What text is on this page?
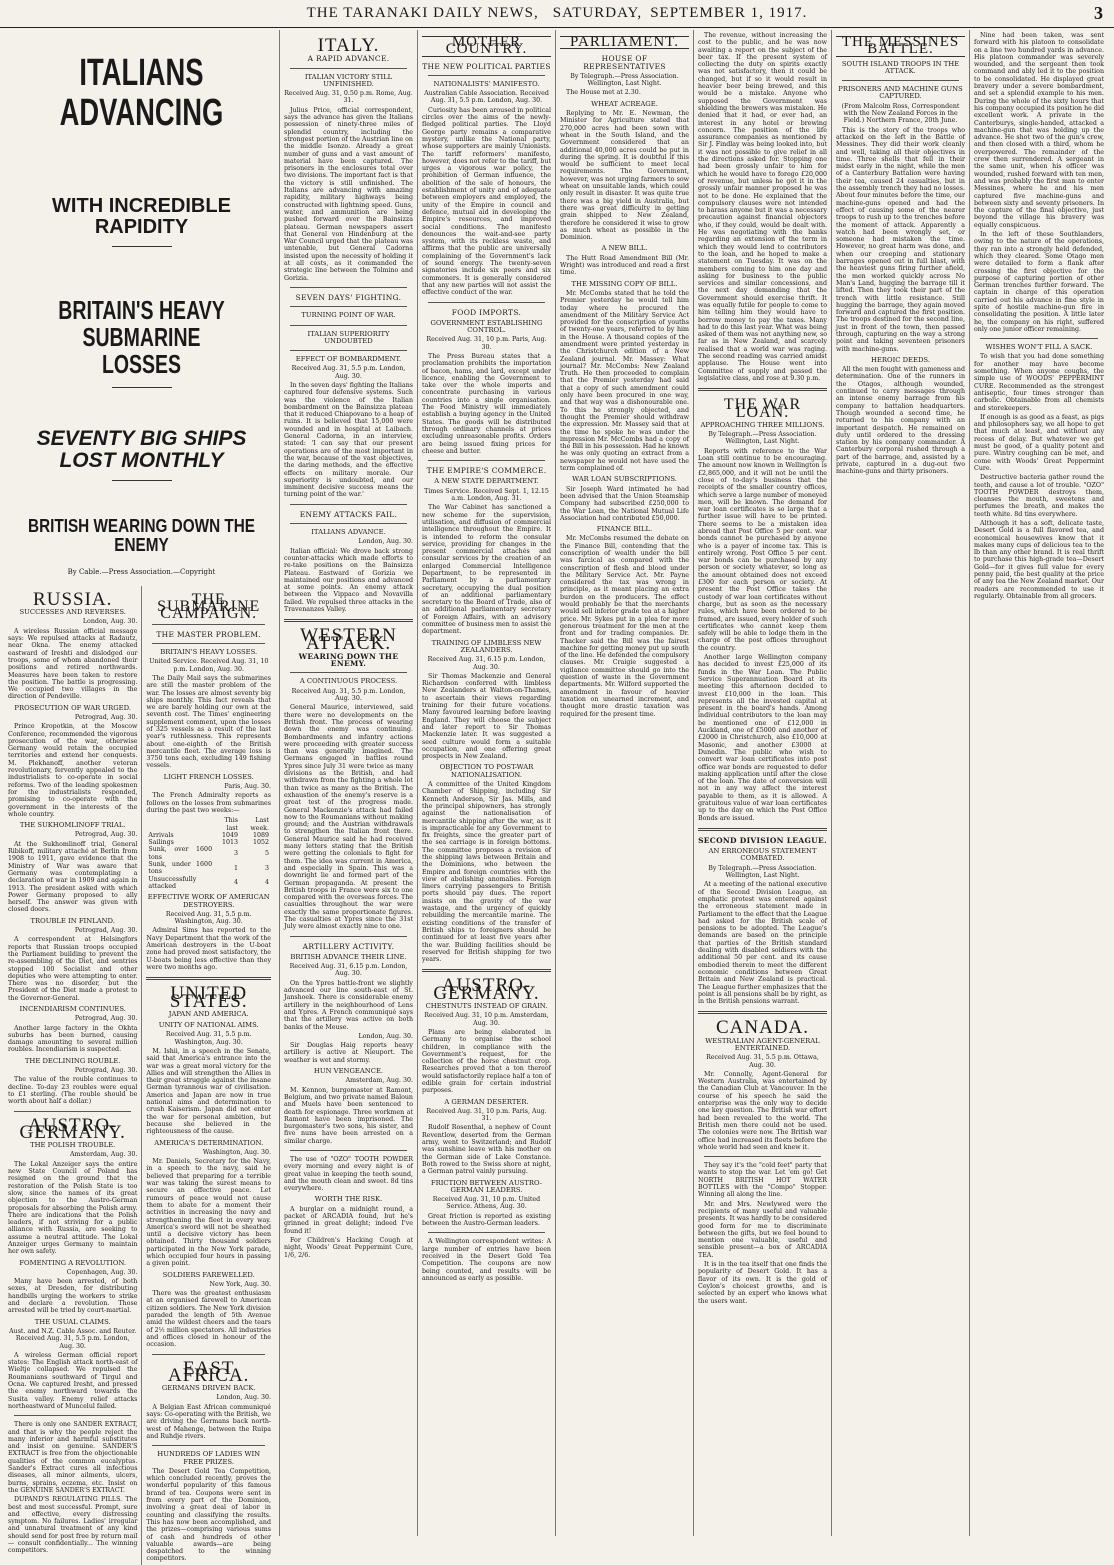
THE TARANAKI DAILY NEWS, SATURDAY, SEPTEMBER 1, 1917.	3
ITALIANS ADVANCING
WITH INCREDIBLE RAPIDITY
BRITAIN'S HEAVY SUBMARINE LOSSES
SEVENTY BIG SHIPS LOST MONTHLY
BRITISH WEARING DOWN THE ENEMY
By Cable.—Press Association.—Copyright
RUSSIA.
SUCCESSES AND REVERSES.
London, Aug. 30.

A wireless Russian official message says: We repulsed attacks at Radautz, near Okna. The enemy attacked eastward of Ireshti and dislodged our troops, some of whom abandoned their positions and retired northwards. Measures have been taken to restore the position. The battle is progressing. We occupied two villages in the direction of Pendeville.

PROSECUTION OF WAR URGED.
Petrograd, Aug. 30.

Prince Kropotkin, at the Moscow Conference, recommended the vigorous prosecution of the war, otherwise Germany would retain the occupied territories and extend her conquests. M. Plekhanoff, another veteran revolutionary, fervently appealed to the industrialists to co-operate in social reforms. Two of the leading spokesmen for the industrialists responded, promising to co-operate with the government in the interests of the whole country.

THE SUKHOMLINOFF TRIAL.
Petrograd, Aug. 30.

At the Sukhomlinoff trial, General Ribikoff, military attaché at Berlin from 1908 to 1911, gave evidence that the Ministry of War was aware that Germany was contemplating a declaration of war in 1909 and again in 1913. The president asked with which Power Germany proposed to ally herself. The answer was given with closed doors.

TROUBLE IN FINLAND.
Petrograd, Aug. 30.

A correspondent at Helsingfors reports that Russian troops occupied the Parliament building to prevent the re-assembling of the Diet, and sentries stopped 100 Socialist and other deputies who were attempting to enter. There was no disorder, but the President of the Diet made a protest to the Governor-General.

INCENDIARISM CONTINUES.
Petrograd, Aug. 30.

Another large factory in the Okhta suburbs has been burned, causing damage amounting to several million roubles. Incendiarism is suspected.

THE DECLINING ROUBLE.
Petrograd, Aug. 30.

The value of the rouble continues to decline. To-day 23 roubles were equal to £1 sterling. (The rouble should be worth about half a dollar.)

AUSTRO-GERMANY.
THE POLISH TROUBLE.
Amsterdam, Aug. 30.

The Lokal Anzeiger says the entire new State Council of Poland has resigned on the ground that the restoration of the Polish State is too slow, since the names of its great objection to the Austro-German proposals for absorbing the Polish army. There are indications that the Polish leaders, if not striving for a public alliance with Russia, are seeking to assume a neutral attitude. The Lokal Anzeiger urges Germany to maintain her own safety.

FOMENTING A REVOLUTION.
Copenhagen, Aug. 30.

Many have been arrested, of both sexes, at Dresden, for distributing handbills urging the workers to strike and declare a revolution. Those arrested will be tried by court-martial.

THE USUAL CLAIMS.
Aust. and N.Z. Cable Assoc. and Reuter. Received Aug. 31, 5.5 p.m. London, Aug. 30.

A wireless German official report states: The English attack north-east of Wieltje collapsed. We repulsed the Roumanians southward of Tirgul and Ocna. We captured Iresht, and pressed the enemy northward towards the Susita valley. Enemy relief attacks northeastward of Muncelul failed.

There is only one SANDER EXTRACT, and that is why the people reject the many inferior and harmful substitutes and insist on genuine. SANDER'S EXTRACT is free from the objectionable qualities of the common eucalyptus. Sander's Extract cures all infectious diseases, all minor ailments, ulcers, burns, sprains, eczema, etc. Insist on the GENUINE SANDER'S EXTRACT.

DUPAND'S REGULATING PILLS. The best and most successful. Prompt, sure and effective, every distressing symptom. No failures. Ladies' irregular and unnatural treatment of any kind should send for post free by return mail — consult confidentially... The winning competitors.

THE SUBMARINE CAMPAIGN.
THE MASTER PROBLEM.
BRITAIN'S HEAVY LOSSES.
United Service. Received Aug. 31, 10 p.m. London, Aug. 30.

The Daily Mail says the submarines are still the master problem of the war. The losses are almost seventy big ships monthly. This fact reveals that we are barely holding our own at the seventh cost. The Times' engineering supplement comment, upon the losses of 325 vessels as a result of the last year's ruthlessness. This represents about one-eighth of the British mercantile fleet. The average loss is 3750 tons each, excluding 149 fishing vessels.

LIGHT FRENCH LOSSES.
Paris, Aug. 30.

The French Admiralty reports as follows on the losses from submarines during the past two weeks:—

	This last	Last week.
Arrivals	1049	1089
Sailings	1013	1052
Sunk, over 1600 tons	3	5
Sunk, under 1600 tons	1	3
Unsuccessfully attacked	4	4
EFFECTIVE WORK OF AMERICAN DESTROYERS.
Received Aug. 31, 5.5 p.m. Washington, Aug. 30.

Admiral Sims has reported to the Navy Department that the work of the American destroyers in the U-boat zone had proved most satisfactory, the U-boats being less effective than they were two months ago.

UNITED STATES.
JAPAN AND AMERICA.
UNITY OF NATIONAL AIMS.
Received Aug. 31, 5.5 p.m. Washington, Aug. 30.

M. Ishii, in a speech in the Senate, said that America's entrance into the war was a great moral victory for the Allies and will strengthen the Allies in their great struggle against the insane German tyrannous war of civilisation. America and Japan are now in true national aims and determination to crush Kaiserism. Japan did not enter the war for personal ambition, but because she believed in the righteousness of the cause.

AMERICA'S DETERMINATION.
Washington, Aug. 30.

Mr. Daniels, Secretary for the Navy, in a speech to the navy, said he believed that preparing for a terrible war was taking the surest means to secure an effective peace. Let rumours of peace would not cause them to abate for a moment their activities in increasing the navy and strengthening the fleet in every way. America's sword will not be sheathed until a decisive victory has been obtained. Thirty thousand soldiers participated in the New York parade, which occupied four hours in passing a given point.

SOLDIERS FAREWELLED.
New York, Aug. 30.

There was the greatest enthusiasm at an organised farewell to American citizen soldiers. The New York division paraded the length of 5th Avenue amid the wildest cheers and the tears of 2½ million spectators. All industries and offices closed in honour of the occasion.

EAST AFRICA.
GERMANS DRIVEN BACK.
London, Aug. 30.

A Belgian East African communiqué says: Co-operating with the British, we are driving the Germans back north-west of Mahenge, between the Ruipa and Ruhdje rivers.

HUNDREDS OF LADIES WIN FREE PRIZES.

The Desert Gold Tea Competition, which concluded recently, proves the wonderful popularity of this famous brand of tea. Coupons were sent in from every part of the Dominion, involving a great deal of labor in counting and classifying the results. This has now been accomplished, and the prizes—comprising various sums of cash and hundreds of other valuable awards—are being despatched to the winning competitors.

ITALY.
A RAPID ADVANCE.
ITALIAN VICTORY STILL UNFINISHED.
Received Aug. 31, 0.50 p.m. Rome, Aug. 31.

Julius Price, official correspondent, says the advance has given the Italians possession of ninety-three miles of splendid country, including the strongest portion of the Austrian line on the middle Isonzo. Already a great number of guns and a vast amount of material have been captured. The prisoners in the enclosures total over two divisions. The important fact is that the victory is still unfinished. The Italians are advancing with amazing rapidity, military highways being constructed with lightning speed. Guns, water, and ammunition are being pushed forward over the Bainsizza plateau. German newspapers assert that General von Hindenburg at the War Council urged that the plateau was untenable, but General Cadorna insisted upon the necessity of holding it at all costs, as it commanded the strategic line between the Tolmino and Gorizia.

SEVEN DAYS' FIGHTING.
TURNING POINT OF WAR.
ITALIAN SUPERIORITY UNDOUBTED
EFFECT OF BOMBARDMENT.
Received Aug. 31, 5.5 p.m. London, Aug. 30.

In the seven days' fighting the Italians captured four defensive systems. Such was the violence of the Italian bombardment on the Bainsizza plateau that it reduced Chiapovano to a heap of ruins. It is believed that 15,000 were wounded and in hospital at Laibach. General Cadorna, in an interview, stated: 'I can say that our present operations are of the most important in the war, because of the vast objectives, the daring methods, and the effective effects on military morale. Our superiority is undoubted, and our imminent decisive success means the turning point of the war.'

ENEMY ATTACKS FAIL.
ITALIANS ADVANCE.
London, Aug. 30.

Italian official: We drove back strong counter-attacks which made efforts to re-take positions on the Bainsizza Plateau. Eastward of Gorizia we maintained our positions and advanced at some points. An enemy attack between the Vippaco and Novavilla failed. We repulsed three attacks in the Travenanzes Valley.

WESTERN ATTACK.
WEARING DOWN THE ENEMY.
A CONTINUOUS PROCESS.
Received Aug. 31, 5.5 p.m. London, Aug. 30.

General Maurice, interviewed, said there were no developments on the British front. The process of wearing down the enemy was continuing. Bombardments and infantry actions were proceeding with greater success than was generally imagined. The Germans engaged in battles round Ypres since July 31 were twice as many divisions as the British, and had withdrawn from the fighting a whole lot than twice as many as the British. The exhaustion of the enemy's reserve is a great test of the progress made. General Mackenzie's attack had failed now to the Roumanians without making ground; and the Austrian withdrawals to strengthen the Italian front there. General Maurice said he had received many letters stating that the British were getting the colonials to fight for them. The idea was current in America, and especially in Spain. This was a downright lie and formed part of the German propaganda. At present the British troops in France were six to one compared with the overseas forces. The casualties throughout the war were exactly the same proportionate figures. The casualties at Ypres since the 31st July were almost exactly nine to one.

ARTILLERY ACTIVITY.
BRITISH ADVANCE THEIR LINE.
Received Aug. 31, 6.15 p.m. London, Aug. 30.

On the Ypres battle-front we slightly advanced our line south-east of St. Janshoek. There is considerable enemy artillery in the neighbourhood of Lens and Ypres. A French communiqué says that the artillery was active on both banks of the Meuse.

London, Aug. 30.

Sir Douglas Haig reports heavy artillery is active at Nieuport. The weather is wet and stormy.

HUN VENGEANCE.
Amsterdam, Aug. 30.

M. Kennon, burgomaster at Ramont, Belgium, and two private named Baloun and Muels have been sentenced to death for espionage. Three workmen at Ramont have been imprisoned. The burgomaster's two sons, his sister, and five nuns have been arrested on a similar charge.

The use of "OZO" TOOTH POWDER every morning and every night is of great value in keeping the teeth sound, and the mouth clean and sweet. 8d tins everywhere.

WORTH THE RISK.

A burglar on a midnight round, a packet of ARCADIA found, but he's grinned in great delight; indeed I've found it!

For Children's Hacking Cough at night, Woods' Great Peppermint Cure, 1/6, 2/6.

MOTHER COUNTRY.
THE NEW POLITICAL PARTIES
NATIONALISTS' MANIFESTO.
Australian Cable Association. Received Aug. 31, 5.5 p.m. London, Aug. 30.

Curiosity has been aroused in political circles over the aims of the newly-fledged political parties. The Lloyd George party remains a comparative mystery, unlike the National party, whose supporters are mainly Unionists. The tariff reformers' manifesto, however, does not refer to the tariff, but urges a vigorous war policy, the prohibition of German influence, the abolition of the sale of honours, the establishment of unity and of adequate between employers and employed, the unity of the Empire in council and defence, mutual aid in developing the Empire's resources, and improved social conditions. The manifesto denounces the wait-and-see party system, with its reckless waste, and affirms that the public are universally complaining of the Government's lack of sound energy. The twenty-seven signatories include six peers and six commoners. It is generally considered that any new parties will not assist the effective conduct of the war.

FOOD IMPORTS.
GOVERNMENT ESTABLISHING CONTROL.
Received Aug. 31, 10 p.m. Paris, Aug. 30.

The Press Bureau states that a proclamation prohibits the importation of bacon, hams, and lard, except under licence, enabling the Government to take over the whole imports and concentrate purchasing in various countries into a single organisation. The Food Ministry will immediately establish a buying agency in the United States. The goods will be distributed through ordinary channels at prices excluding unreasonable profits. Orders are being issued fixing prices for cheese and butter.

THE EMPIRE'S COMMERCE.
A NEW STATE DEPARTMENT.
Times Service. Received Sept. 1, 12.15 a.m. London, Aug. 31.

The War Cabinet has sanctioned a new scheme for the supervision, utilisation, and diffusion of commercial intelligence throughout the Empire. It is intended to reform the consular service, providing for changes in the present commercial attachés and consular services by the creation of an enlarged Commercial Intelligence Department, to be represented in Parliament by a parliamentary secretary, occupying the dual position of an additional parliamentary secretary to the Board of Trade, also of an additional parliamentary secretary of Foreign Affairs, with an advisory committee of business men to assist the department.

TRAINING OF LIMBLESS NEW ZEALANDERS.
Received Aug. 31, 6.15 p.m. London, Aug. 30.

Sir Thomas Mackenzie and General Richardson conferred with limbless New Zealanders at Walton-on-Thames, to ascertain their views regarding training for their future vocations. Many favoured learning before leaving England. They will choose the subject and later report to Sir Thomas Mackenzie later. It was suggested a seed culture would form a suitable occupation, and one offering great prospects in New Zealand.

OBJECTION TO POST-WAR NATIONALISATION.

A committee of the United Kingdom Chamber of Shipping, including Sir Kenneth Anderson, Sir Jas. Mills, and the principal shipowners, has strongly against the nationalisation of mercantile shipping after the war, as it is impracticable for any Government to fix freights, since the greater part of the sea carriage is in foreign bottoms. The committee proposes a revision of the shipping laws between Britain and the Dominions, who between the Empire and foreign countries with the view of abolishing anomalies. Foreign liners carrying passengers to British ports should pay dues. The report insists on the gravity of the war wastage, and the urgency of quickly rebuilding the mercantile marine. The existing conditions of the transfer of British ships to foreigners should be continued for at least five years after the war. Building facilities should be reserved for British shipping for two years.

AUSTRO-GERMANY.
CHESTNUTS INSTEAD OF GRAIN.
Received Aug. 31, 10 p.m. Amsterdam, Aug. 30.

Plans are being elaborated in Germany to organise the school children, in compliance with the Government's request, for the collection of the horse chestnut crop. Researches proved that a ton thereof would satisfactorily replace half a ton of edible grain for certain industrial purposes.

A GERMAN DESERTER.
Received Aug. 31, 10 p.m. Paris, Aug. 31.

Rudolf Rosenthal, a nephew of Count Reventlow, deserted from the German army, went to Switzerland; and Rudolf was sunshine leave with his mother on the German side of Lake Constance. Both rowed to the Swiss shore at night, a German patrol vainly pursuing.

FRICTION BETWEEN AUSTRO-GERMAN LEADERS.
Received Aug. 31, 10 p.m. United Service. Athens, Aug. 30.

Great friction is reported as existing between the Austro-German leaders.

A Wellington correspondent writes: A large number of entries have been received in the Desert Gold Tea Competition. The coupons are now being counted, and results will be announced as early as possible.

PARLIAMENT.
HOUSE OF REPRESENTATIVES
By Telegraph.—Press Association. Wellington, Last Night.

The House met at 2.30.

WHEAT ACREAGE.

Replying to Mr. E. Newman, the Minister for Agriculture stated that 270,000 acres had been sown with wheat in the South Island, and the Government considered that an additional 40,000 acres could be put in during the spring. It is doubtful if this would be sufficient to meet local requirements. The Government, however, was not urging farmers to sow wheat on unsuitable lands, which could only result in disaster. It was quite true there was a big yield in Australia, but there was great difficulty in getting grain shipped to New Zealand, therefore he considered it wise to grow as much wheat as possible in the Dominion.

A NEW BILL.

The Hutt Road Amendment Bill (Mr. Wright) was introduced and read a first time.

THE MISSING COPY OF BILL.

Mr. McCombs stated that he told the Premier yesterday he would tell him today where he procured the amendment of the Military Service Act provided for the conscription of youths of twenty-one years, referred to by him in the House. A thousand copies of the amendment were printed yesterday in the Christchurch edition of a New Zealand journal. Mr. Massey: What journal? Mr. McCombs: New Zealand Truth. He then proceeded to complain that the Premier yesterday had said that a copy of such amendment could only have been procured in one way, and that way was a dishonourable one. To this he strongly objected, and thought the Premier should withdraw the expression. Mr. Massey said that at the time he spoke he was under the impression Mr. McCombs had a copy of the Bill in his possession. Had he known he was only quoting an extract from a newspaper he would not have used the term complained of.

WAR LOAN SUBSCRIPTIONS.

Sir Joseph Ward intimated he had been advised that the Union Steamship Company had subscribed £250,000 to the War Loan, the National Mutual Life Association had contributed £50,000.

FINANCE BILL.

Mr. McCombs resumed the debate on the Finance Bill, contending that the conscription of wealth under the bill was farcical as compared with the conscription of flesh and blood under the Military Service Act. Mr. Payne considered the tax was wrong in principle, as it meant placing an extra burden on the producers. The effect would probably be that the merchants would sell inferior grade tea at a higher price. Mr. Sykes put in a plea for more generous treatment for the men at the front and for trading companies. Dr. Thacker said the Bill was the fairest machine for getting money put up south of the line. He defended the compulsory clauses. Mr. Craigie suggested a vigilance committee should go into the question of waste in the Government departments. Mr. Wilford supported the amendment in favour of heavier taxation on unearned increment, and thought more drastic taxation was required for the present time.

The revenue, without increasing the cost to the public, and he was now awaiting a report on the subject of the beer tax. If the present system of collecting the duty on spirits exactly was not satisfactory, then it could be changed, but if so it would result in heavier beer being brewed, and this would be a mistake. Anyone who supposed the Government was shielding the brewers was mistaken. He denied that it had, or ever had, an interest in any hotel or brewing concern. The position of the life assurance companies as mentioned by Sir J. Findlay was being looked into, but it was not possible to give relief in all the directions asked for. Stopping one had been grossly unfair to him for which he would have to forego £20,000 of revenue, but unless he got it in the grossly unfair manner proposed he was not to be done. He explained that the compulsory clauses were not intended to harass anyone but it was a necessary precaution against financial objectors who, if they could, would be dealt with. He was negotiating with the banks regarding an extension of the term in which they would lend to contributors to the loan, and he hoped to make a statement on Tuesday. It was on the members coming to him one day and asking for business to the public services and similar concessions, and the next day demanding that the Government should exercise thrift. It was equally futile for people to come to him telling him they would have to borrow money to pay the taxes. Many had to do this last year. What was being asked of them was not anything new, so far as in New Zealand, and scarcely realised that a world war was raging. The second reading was carried amidst applause. The House went into Committee of supply and passed the legislative class, and rose at 9.30 p.m.

THE WAR LOAN.
APPROACHING THREE MILLIONS.
By Telegraph.—Press Association. Wellington, Last Night.

Reports with reference to the War Loan still continue to be encouraging. The amount now known in Wellington is £2,865,000, and it will not be until the close of to-day's business that the receipts of the smaller country offices, which serve a large number of moneyed men, will be known. The demand for war loan certificates is so large that a further issue will have to be printed. There seems to be a mistaken idea abroad that Post Office 5 per cent. war bonds cannot be purchased by anyone who is a payer of income tax. This is entirely wrong. Post Office 5 per cent. war bonds can be purchased by any person or society whatever, so long as the amount obtained does not exceed £300 for each person or society. At present the Post Office takes the custody of war loan certificates without charge, but as soon as the necessary rules, which have been ordered to be framed, are issued, every holder of such certificates who cannot keep them safely will be able to lodge them in the charge of the post offices throughout the country.

Another large Wellington company has decided to invest £25,000 of its funds in the War Loan. The Public Service Superannuation Board at its meeting this afternoon decided to invest £10,000 in the loan. This represents all the invested capital at present in the board's hands. Among individual contributors to the loan may be mentioned one of £12,000 in Auckland, one of £5000 and another of £2000 in Christchurch, also £10,000 at Masonic, and another £3000 at Dunedin. The public who wish to convert war loan certificates into post office war bonds are requested to defer making application until after the close of the loan. The date of conversion will not in any way affect the interest payable to them, as it is allowed. A gratuitous value of war loan certificates up to the day on which the Post Office Bonds are issued.

SECOND DIVISION LEAGUE.
AN ERRONEOUS STATEMENT COMBATED.
By Telegraph.—Press Association. Wellington, Last Night.

At a meeting of the national executive of the Second Division League, an emphatic protest was entered against the erroneous statement made in Parliament to the effect that the League had asked for the British scale of pensions to be adopted. The League's demands are based on the principle that parties of the British standard dealing with disabled soldiers with the additional 50 per cent. and its cause embodied therein to meet the different economic conditions between Great Britain and New Zealand is practical. The League further emphasizes that the point is all pensions shall be by right, as in the British pensions warrant.

CANADA.
WESTRALIAN AGENT-GENERAL ENTERTAINED.
Received Aug. 31, 5.5 p.m. Ottawa, Aug. 30.

Mr. Connolly, Agent-General for Western Australia, was entertained by the Canadian Club at Vancouver. In the course of his speech he said the enterprise was the only way to decide one key question. The British war effort had been revealed to the world. The British men there could not be used. The colonies were now. The British war office had increased its fleets before the whole world had seen and knew it.

They say it's the "cold feet" party that wants to stop the war. Let 'em go! Get NORTH BRITISH HOT WATER BOTTLES with the "Compo" Stopper. Winning all along the line.

Mr. and Mrs. Newlywed were the recipients of many useful and valuable presents. It was hardly to be considered good form for me to discriminate between the gifts, but we feel bound to mention one valuable, useful and sensible present—a box of ARCADIA TEA.

It is in the tea itself that one finds the popularity of Desert Gold. It has a flavor of its own. It is the gold of Ceylon's choicest growths, and is selected by an expert who knows what the users want.

THE MESSINES BATTLE.
SOUTH ISLAND TROOPS IN THE ATTACK.
PRISONERS AND MACHINE GUNS CAPTURED.
(From Malcolm Ross, Correspondent with the New Zealand Forces in the Field.) Northern France, 20th June.

This is the story of the troops who attacked on the left in the Battle of Messines. They did their work cleanly and well, taking all their objectives in time. Three shells that fell in their midst early in the night, while the men of a Canterbury Battalion were having their tea, caused 24 casualties, but in the assembly trench they had no losses. About four minutes before the time, our machine-guns opened and had the effect of causing some of the nearer troops to rush up to the trenches before the moment of attack. Apparently a watch had been wrongly set, or someone had mistaken the time. However, no great harm was done, and when our creeping and stationary barrages opened out in full blast, with the heaviest guns firing further afield, the men worked quickly across No Man's Land, hugging the barrage till it lifted. Then they took their part of the trench with little resistance. Still hugging the barrage, they again moved forward and captured the first position. The troops destined for the second line, just in front of the town, then passed through, capturing on the way a strong point and taking seventeen prisoners with machine-guns.

HEROIC DEEDS.

All the men fought with gameness and determination. One of the runners in the Otagos, although wounded, continued to carry messages through an intense enemy barrage from his company to battalion headquarters. Though wounded a second time, he returned to his company with an important despatch. He remained on duty until ordered to the dressing station by his company commander. A Canterbury corporal rushed through a part of the barrage, and, assisted by a private, captured in a dug-out two machine-guns and thirty prisoners.

Nine had been taken, was sent forward with his platoon to consolidate on a line two hundred yards in advance. His platoon commander was severely wounded, and the sergeant then took command and ably led it to the position to be consolidated. He displayed great bravery under a severe bombardment, and set a splendid example to his men. During the whole of the sixty hours that his company occupied its position he did excellent work. A private in the Canterburys, single-handed, attacked a machine-gun that was holding up the advance. He shot two of the gun's crew, and then closed with a third, whom he overpowered. The remainder of the crew then surrendered. A sergeant in the same unit, when his officer was wounded, rushed forward with ten men, and was probably the first man to enter Messines, where he and his men captured five machine-guns and between sixty and seventy prisoners. In the capture of the final objective, just beyond the village his bravery was equally conspicuous.

In the left of these Southlanders, owing to the nature of the operations, they ran into a strongly held defended, which they cleared. Some Otago men were detailed to form a flank after crossing the first objective for the purpose of capturing portion of other German trenches further forward. The captain in charge of this operation carried out his advance in fine style in spite of hostile machine-gun fire in consolidating the position. A little later he, the company on his right, suffered only one junior officer remaining.

WISHES WON'T FILL A SACK.

To wish that you had done something for another may have become something. When anyone coughs, the simple use of WOODS' PEPPERMINT CURE. Recommended as the strongest antiseptic, four times stronger than carbolic. Obtainable from all chemists and storekeepers.

If enough is as good as a feast, as pigs and philosophers say, we all hope to get that much at least, and without any recess of delay. But whatever we get must be good, of a quality potent and pure. Wintry coughing can be met, and come with Woods' Great Peppermint Cure.

Destructive bacteria gather round the teeth, and cause a lot of trouble. "OZO" TOOTH POWDER destroys them, cleanses the mouth, sweetens and perfumes the breath, and makes the teeth white. 8d tins everywhere.

Although it has a soft, delicate taste, Desert Gold is a full flavored tea, and economical housewives know that it makes many cups of delicious tea to the lb than any other brand. It is real thrift to purchase this high-grade tea—Desert Gold—for it gives full value for every penny paid, the best quality at the price of any tea the New Zealand market. Our readers are recommended to use it regularly. Obtainable from all grocers.
